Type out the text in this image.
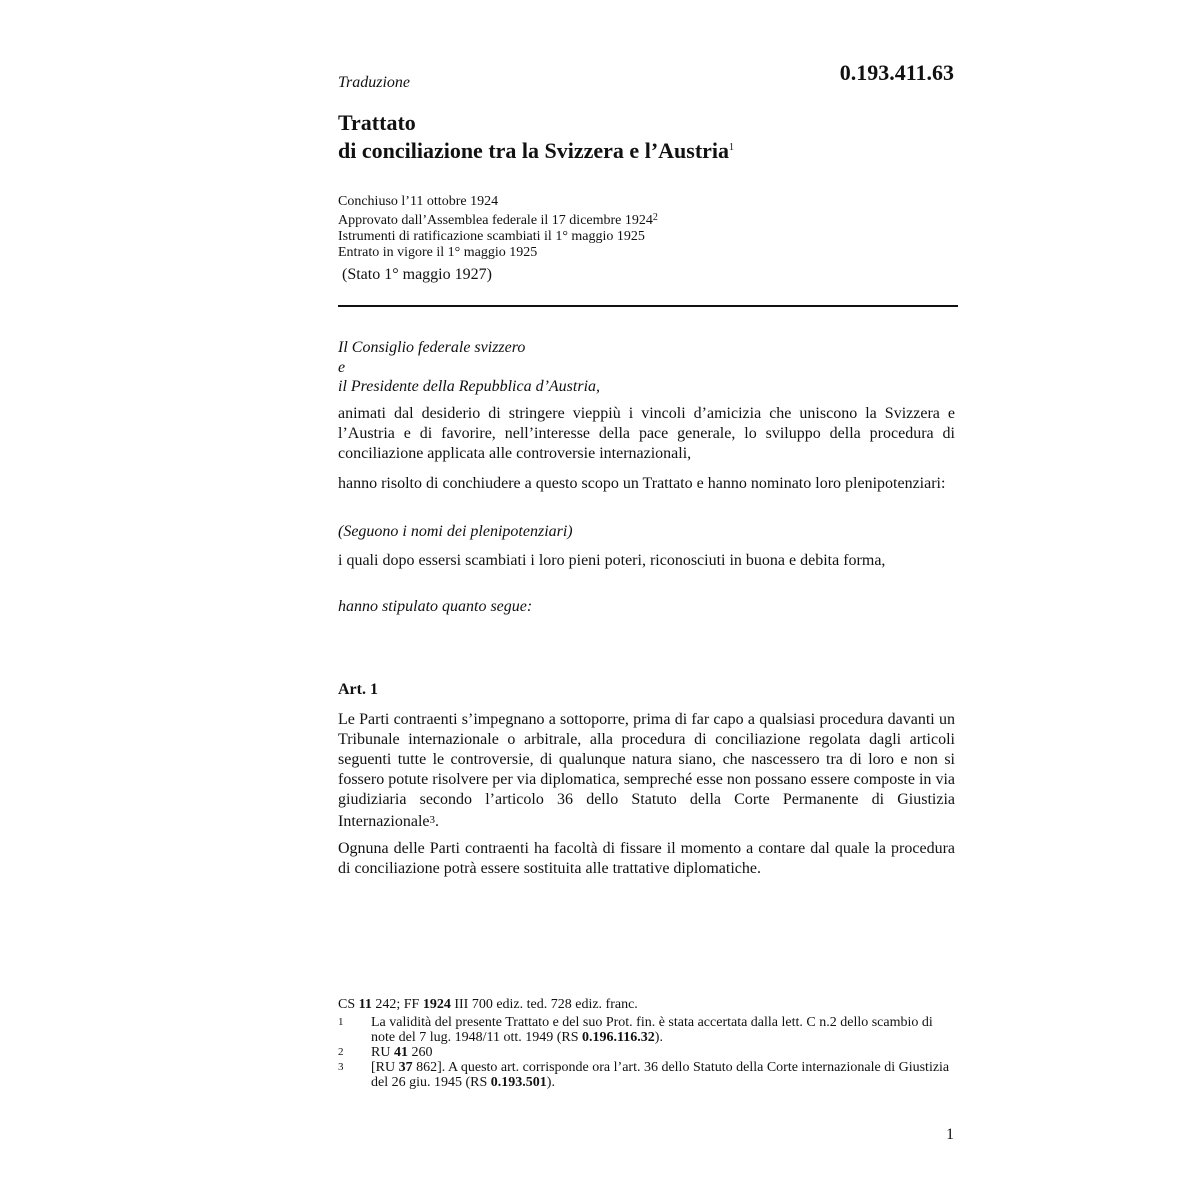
Traduzione	0.193.411.63
Trattato
di conciliazione tra la Svizzera e l’Austria$^1$
Conchiuso l’11 ottobre 1924
Approvato dall’Assemblea federale il 17 dicembre 1924$^2$
Istrumenti di ratificazione scambiati il 1° maggio 1925
Entrato in vigore il 1° maggio 1925
(Stato 1° maggio 1927)
Il Consiglio federale svizzero
e
il Presidente della Repubblica d’Austria,
animati dal desiderio di stringere vieppiù i vincoli d’amicizia che uniscono la Svizzera e l’Austria e di favorire, nell’interesse della pace generale, lo sviluppo della procedura di conciliazione applicata alle controversie internazionali,
hanno risolto di conchiudere a questo scopo un Trattato e hanno nominato loro plenipotenziari:
(Seguono i nomi dei plenipotenziari)
i quali dopo essersi scambiati i loro pieni poteri, riconosciuti in buona e debita forma,
hanno stipulato quanto segue:
Art. 1
Le Parti contraenti s’impegnano a sottoporre, prima di far capo a qualsiasi procedura davanti un Tribunale internazionale o arbitrale, alla procedura di conciliazione regolata dagli articoli seguenti tutte le controversie, di qualunque natura siano, che nascessero tra di loro e non si fossero potute risolvere per via diplomatica, sempreché esse non possano essere composte in via giudiziaria secondo l’articolo 36 dello Statuto della Corte Permanente di Giustizia Internazionale$^3$.
Ognuna delle Parti contraenti ha facoltà di fissare il momento a contare dal quale la procedura di conciliazione potrà essere sostituita alle trattative diplomatiche.
CS 11 242; FF 1924 III 700 ediz. ted. 728 ediz. franc.
1	La validità del presente Trattato e del suo Prot. fin. è stata accertata dalla lett. C n.2 dello scambio di note del 7 lug. 1948/11 ott. 1949 (RS 0.196.116.32).
2	RU 41 260
3	[RU 37 862]. A questo art. corrisponde ora l’art. 36 dello Statuto della Corte internazionale di Giustizia del 26 giu. 1945 (RS 0.193.501).
1
